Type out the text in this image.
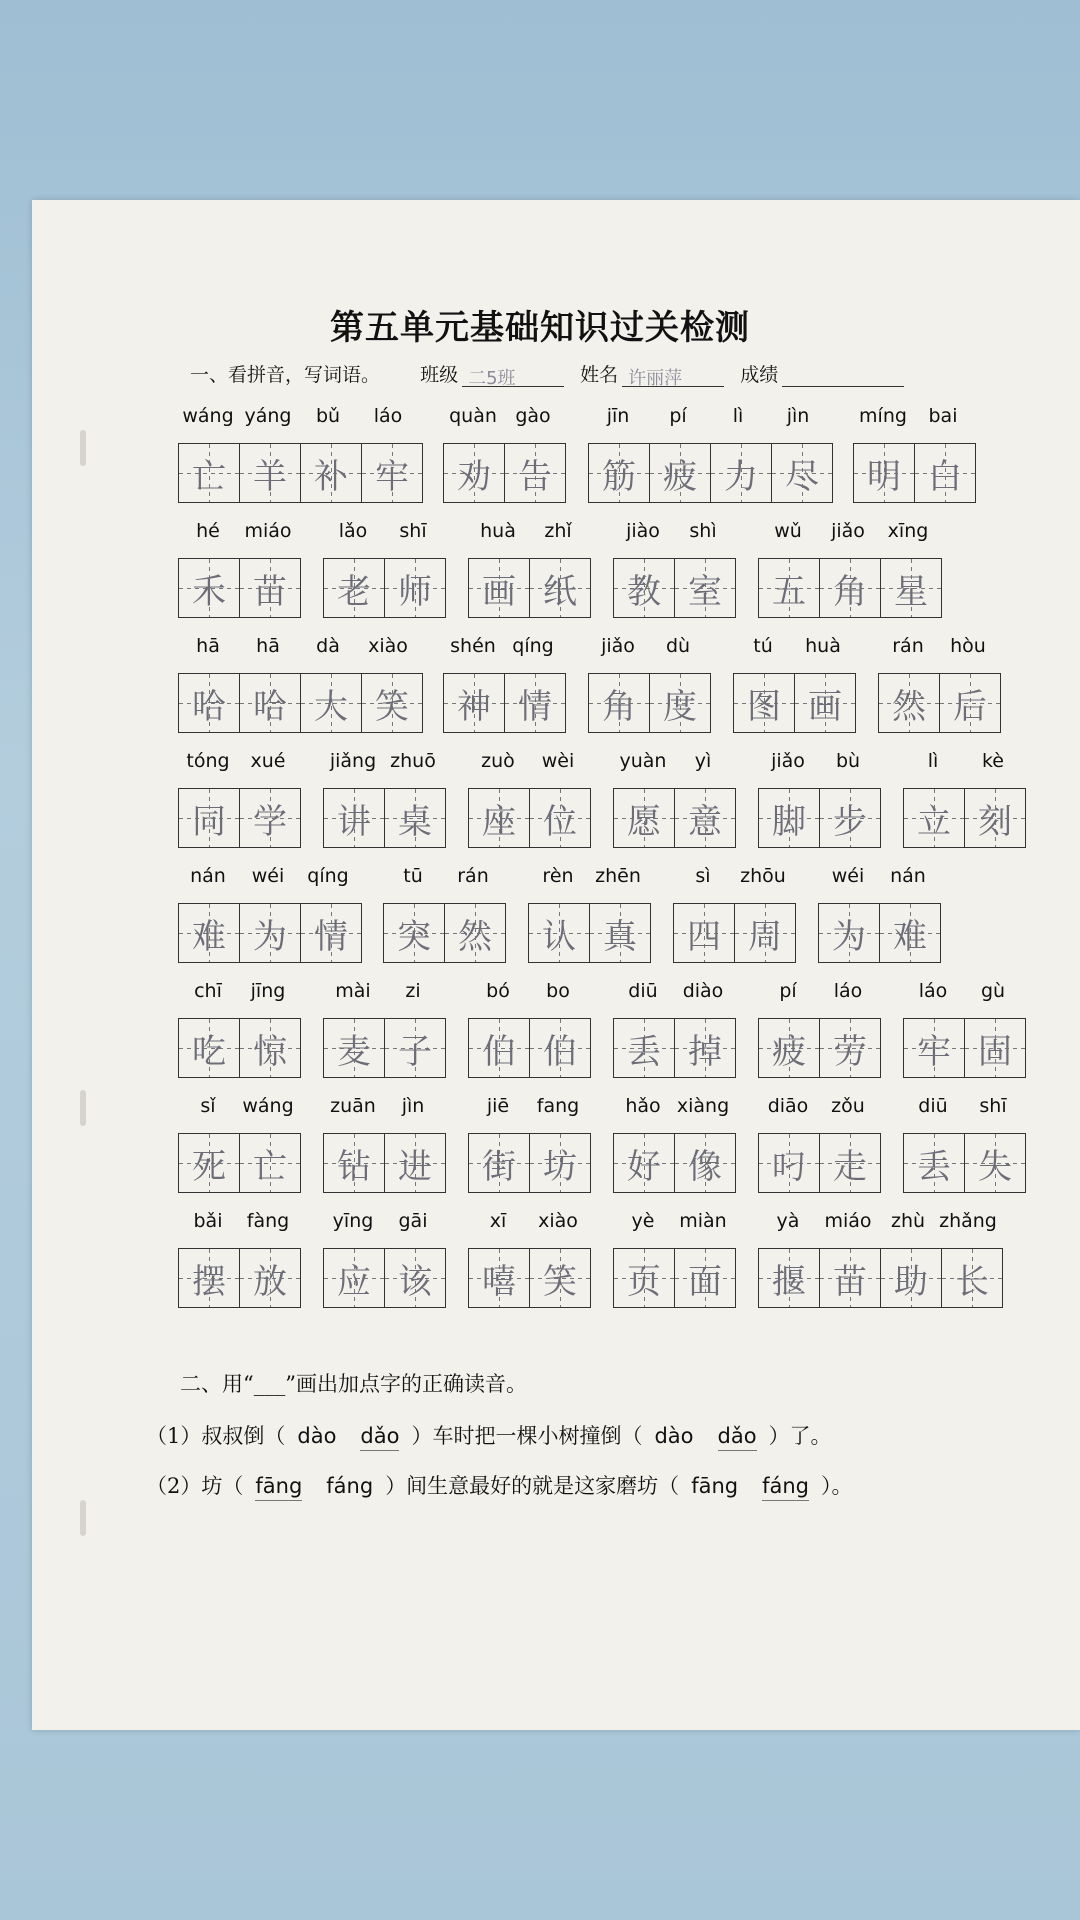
第五单元基础知识过关检测
一、看拼音，写词语。 班级 二5班	姓名 许丽萍	成绩
wáng yáng	bǔ	láo
亡 羊 补 牢
quàn gào
劝 告
jīn	pí	lì	jìn
筋 疲 力 尽
míng	bai
明 白
hé	miáo
禾 苗
lǎo	shī
老 师
huà	zhǐ
画 纸
jiào	shì
教 室
wǔ	jiǎo	xīng
五 角 星
hā	hā	dà	xiào
哈 哈 大 笑
shén qíng
神 情
jiǎo	dù
角 度
tú	huà
图 画
rán	hòu
然 后
tóng	xué
同 学
jiǎng zhuō
讲 桌
zuò	wèi
座 位
yuàn	yì
愿 意
jiǎo	bù
脚 步
lì	kè
立 刻
nán	wéi	qíng
难 为 情
tū	rán
突 然
rèn	zhēn
认 真
sì	zhōu
四 周
wéi	nán
为 难
chī	jīng
吃 惊
mài	zi
麦 子
bó	bo
伯 伯
diū	diào
丢 掉
pí	láo
疲 劳
láo	gù
牢 固
sǐ	wáng
死 亡
zuān	jìn
钻 进
jiē	fang
街 坊
hǎo xiàng
好 像
diāo	zǒu
叼 走
diū	shī
丢 失
bǎi	fàng
摆 放
yīng	gāi
应 该
xī	xiào
嘻 笑
yè	miàn
页 面
yà	miáo	zhù zhǎng
揠 苗 助 长
二、用“___”画出加点字的正确读音。
（1）叔叔倒（ dào dǎo ）车时把一棵小树撞倒（ dào dǎo ）了。
（2）坊（ fāng fáng ）间生意最好的就是这家磨坊（ fāng fáng ）。
